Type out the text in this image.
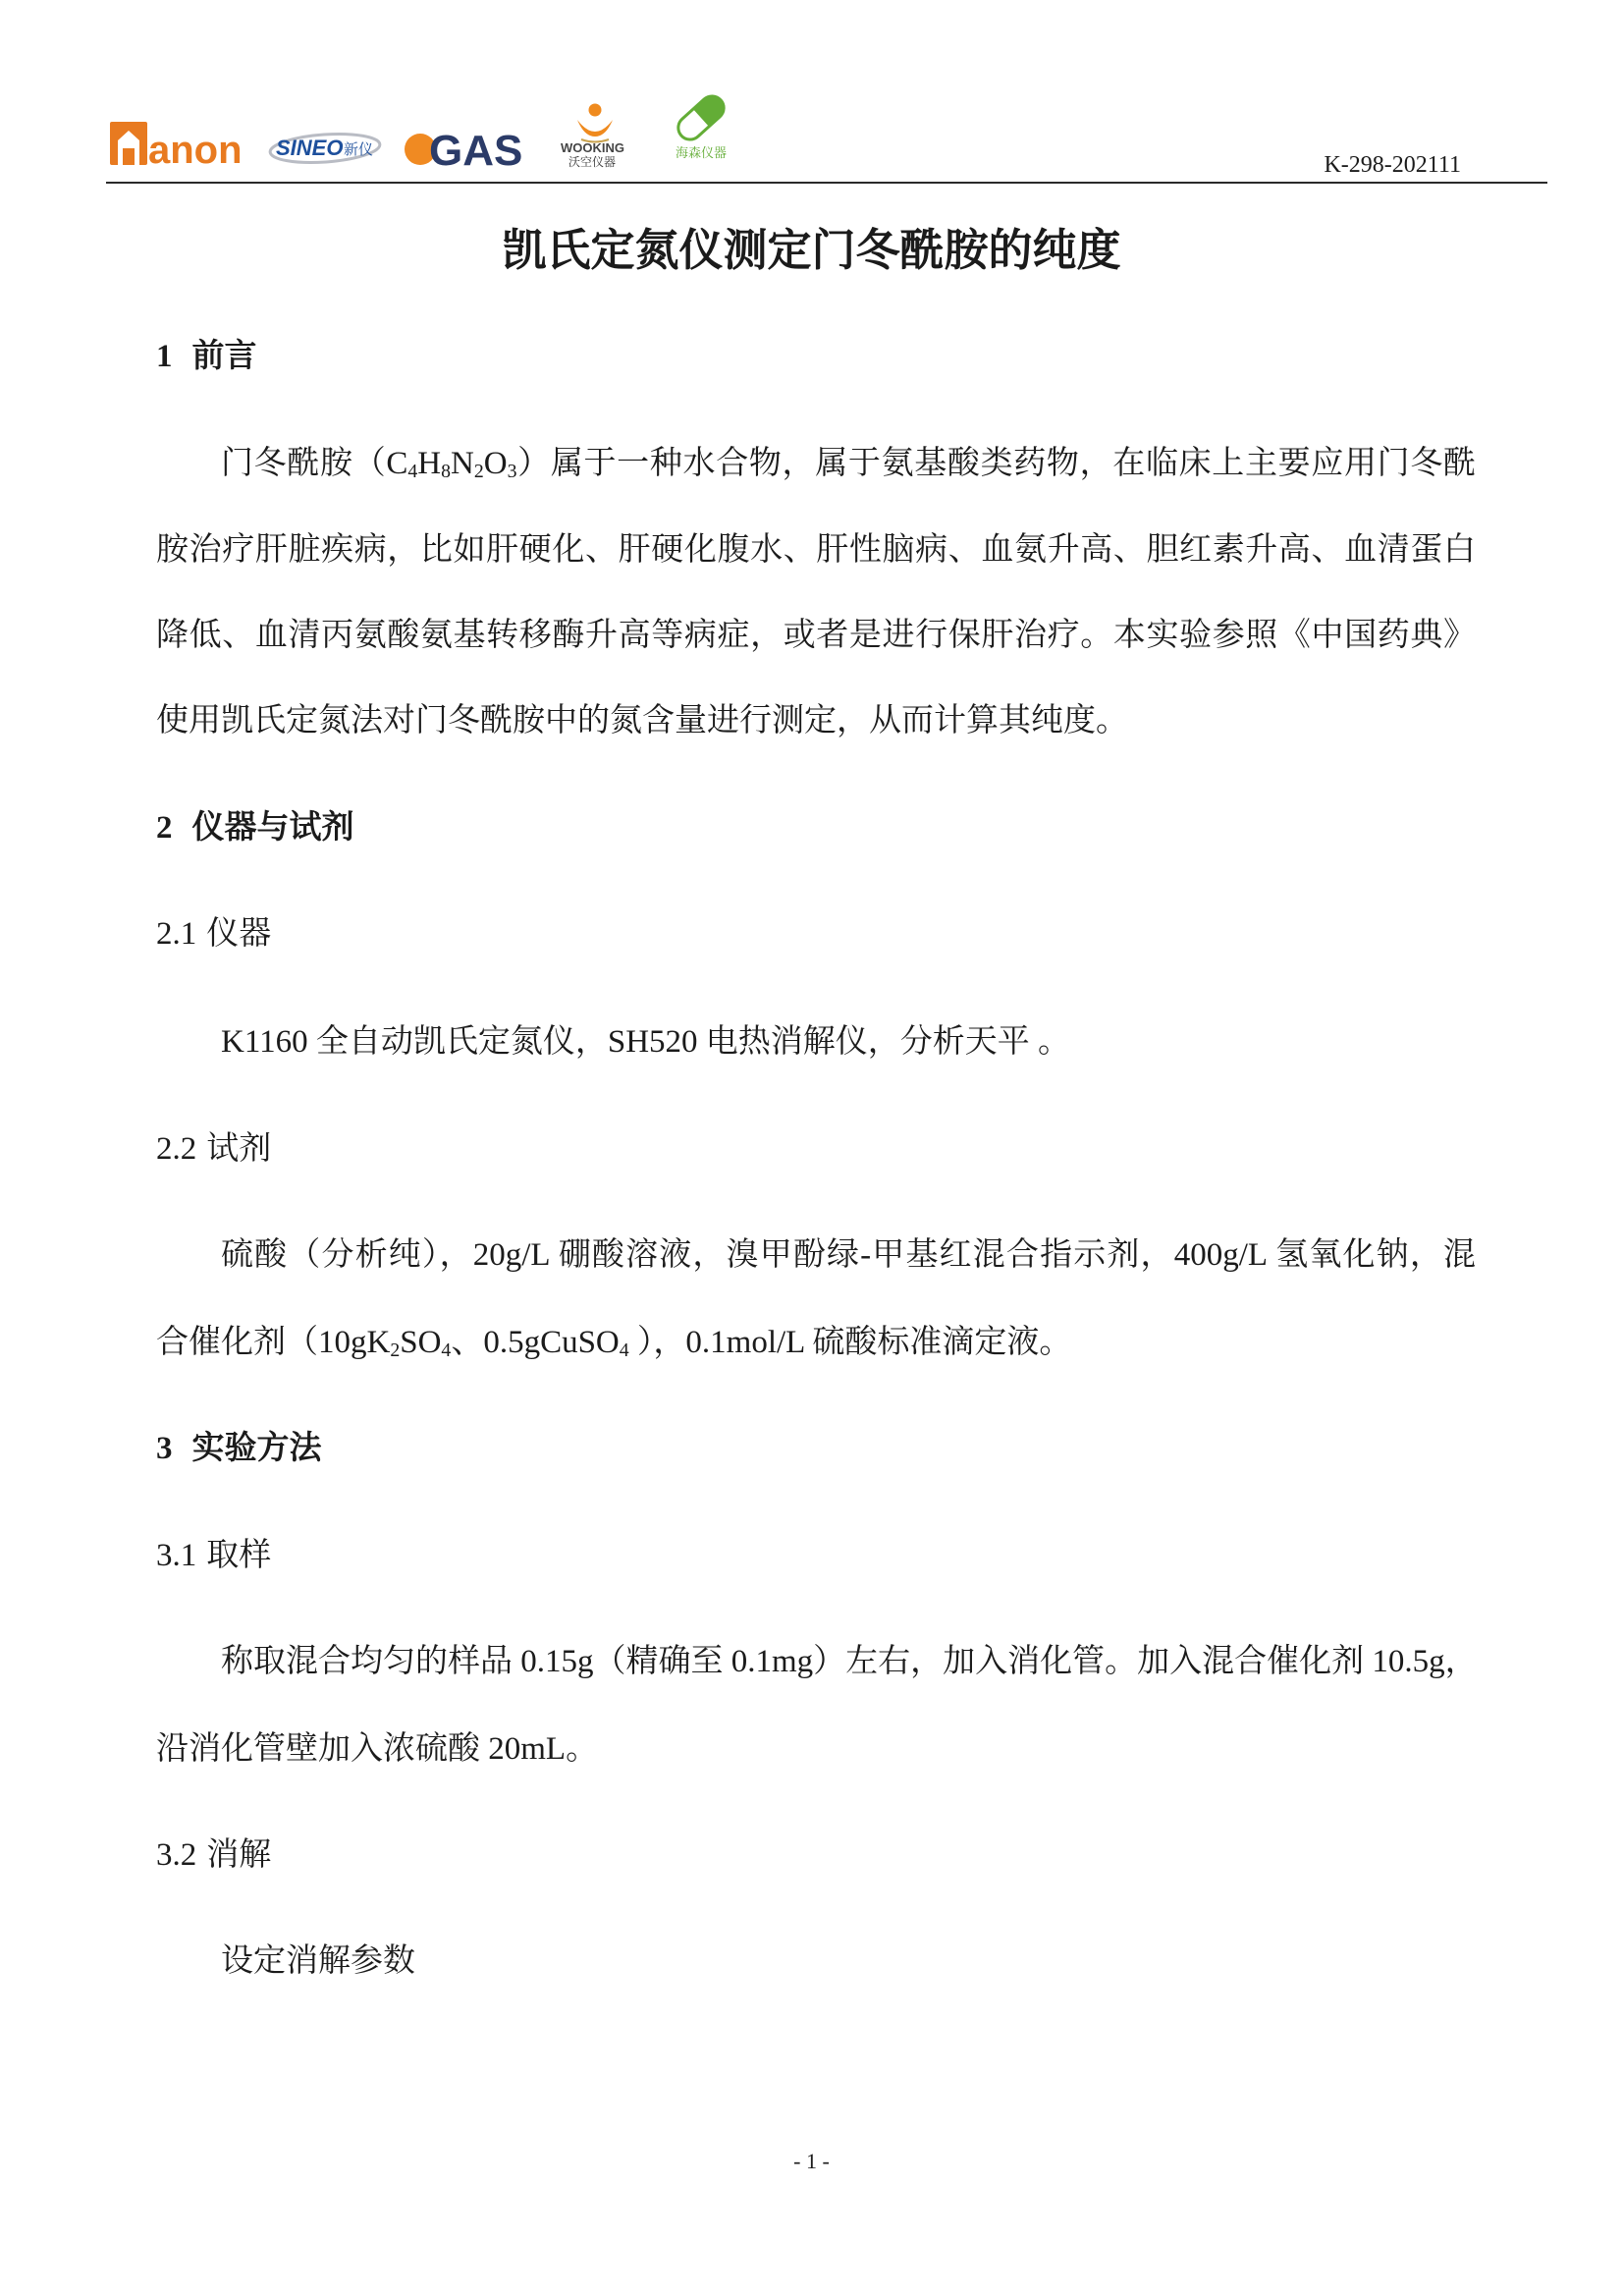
anon SINEO 新仪 GAS	WOOKING
沃空仪器
海森仪器	K-298-202111
凯氏定氮仪测定门冬酰胺的纯度
1 前言

门冬酰胺$(C_4H_8N_2O_3)$属于一种水合物，属于氨基酸类药物，在临床上主要应用门冬酰

胺治疗肝脏疾病，比如肝硬化、肝硬化腹水、肝性脑病、血氨升高、胆红素升高、血清蛋白

降低、血清丙氨酸氨基转移酶升高等病症，或者是进行保肝治疗。本实验参照《中国药典》

使用凯氏定氮法对门冬酰胺中的氮含量进行测定，从而计算其纯度。

2 仪器与试剂
2.1 仪器

K1160 全自动凯氏定氮仪，SH520 电热消解仪，分析天平 。

2.2 试剂

硫酸（分析纯），20g/L 硼酸溶液，溴甲酚绿-甲基红混合指示剂，400g/L 氢氧化钠，混

合催化剂（$10gK_2SO_4$、0.5gCuSO$_4$ ），0.1mol/L 硫酸标准滴定液。

3 实验方法
3.1 取样

称取混合均匀的样品 0.15g（精确至 0.1mg）左右，加入消化管。加入混合催化剂 10.5g，

沿消化管壁加入浓硫酸 20mL。

3.2 消解

设定消解参数

- 1 -
